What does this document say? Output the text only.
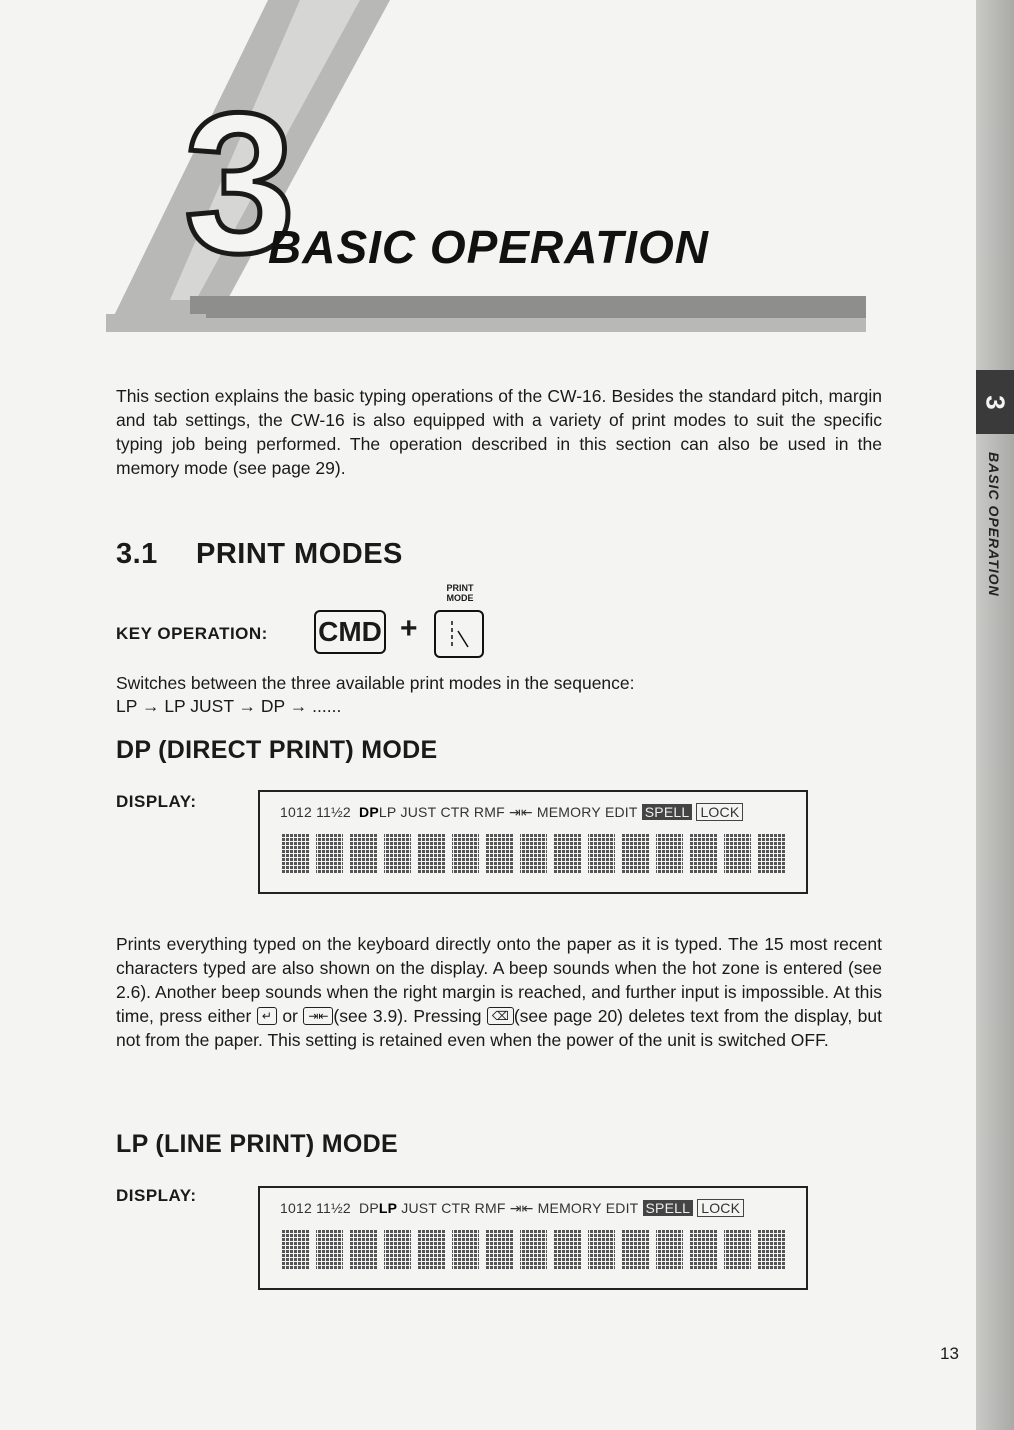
3
BASIC OPERATION
3
BASIC OPERATION

This section explains the basic typing operations of the CW-16. Besides the standard pitch, margin and tab settings, the CW-16 is also equipped with a variety of print modes to suit the specific typing job being performed. The operation described in this section can also be used in the memory mode (see page 29).

3.1 PRINT MODES
PRINT
MODE
KEY OPERATION: CMD +
Switches between the three available print modes in the sequence:
LP → LP JUST → DP → ......
DP (DIRECT PRINT) MODE
DISPLAY:
1012 11½2  DPLP JUST CTR RMF ⇥⇤ MEMORY EDIT SPELL LOCK

Prints everything typed on the keyboard directly onto the paper as it is typed. The 15 most recent characters typed are also shown on the display. A beep sounds when the hot zone is entered (see 2.6). Another beep sounds when the right margin is reached, and further input is impossible. At this time, press either ↵ or ⇥⇤ (see 3.9). Pressing ⌫ (see page 20) deletes text from the display, but not from the paper. This setting is retained even when the power of the unit is switched OFF.

LP (LINE PRINT) MODE
DISPLAY:
1012 11½2  DPLP JUST CTR RMF ⇥⇤ MEMORY EDIT SPELL LOCK
13
